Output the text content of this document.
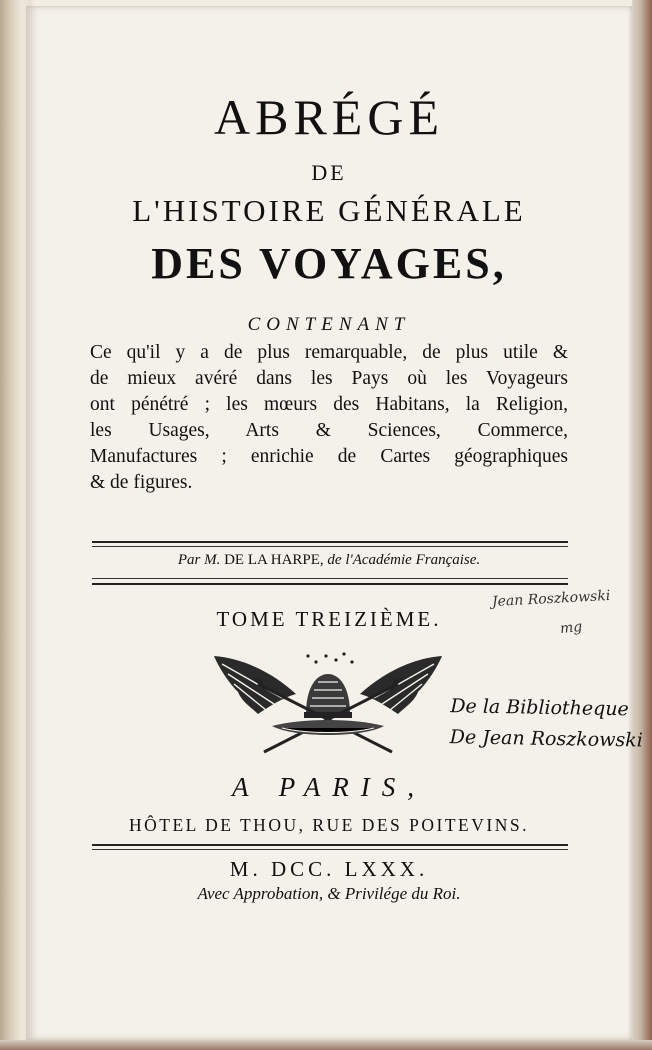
ABRÉGÉ
DE
L'HISTOIRE GÉNÉRALE
DES VOYAGES,
CONTENANT
Ce qu'il y a de plus remarquable, de plus utile &
de mieux avéré dans les Pays où les Voyageurs
ont pénétré ; les mœurs des Habitans, la Religion,
les Usages, Arts & Sciences, Commerce,
Manufactures ; enrichie de Cartes géographiques
& de figures.
Par M. DE LA HARPE, de l'Académie Française.
TOME TREIZIÈME.
Jean Roszkowski
mg
De la Bibliotheque
De Jean Roszkowski
A PARIS,
HÔTEL DE THOU, RUE DES POITEVINS.
M. DCC. LXXX.
Avec Approbation, & Privilége du Roi.
